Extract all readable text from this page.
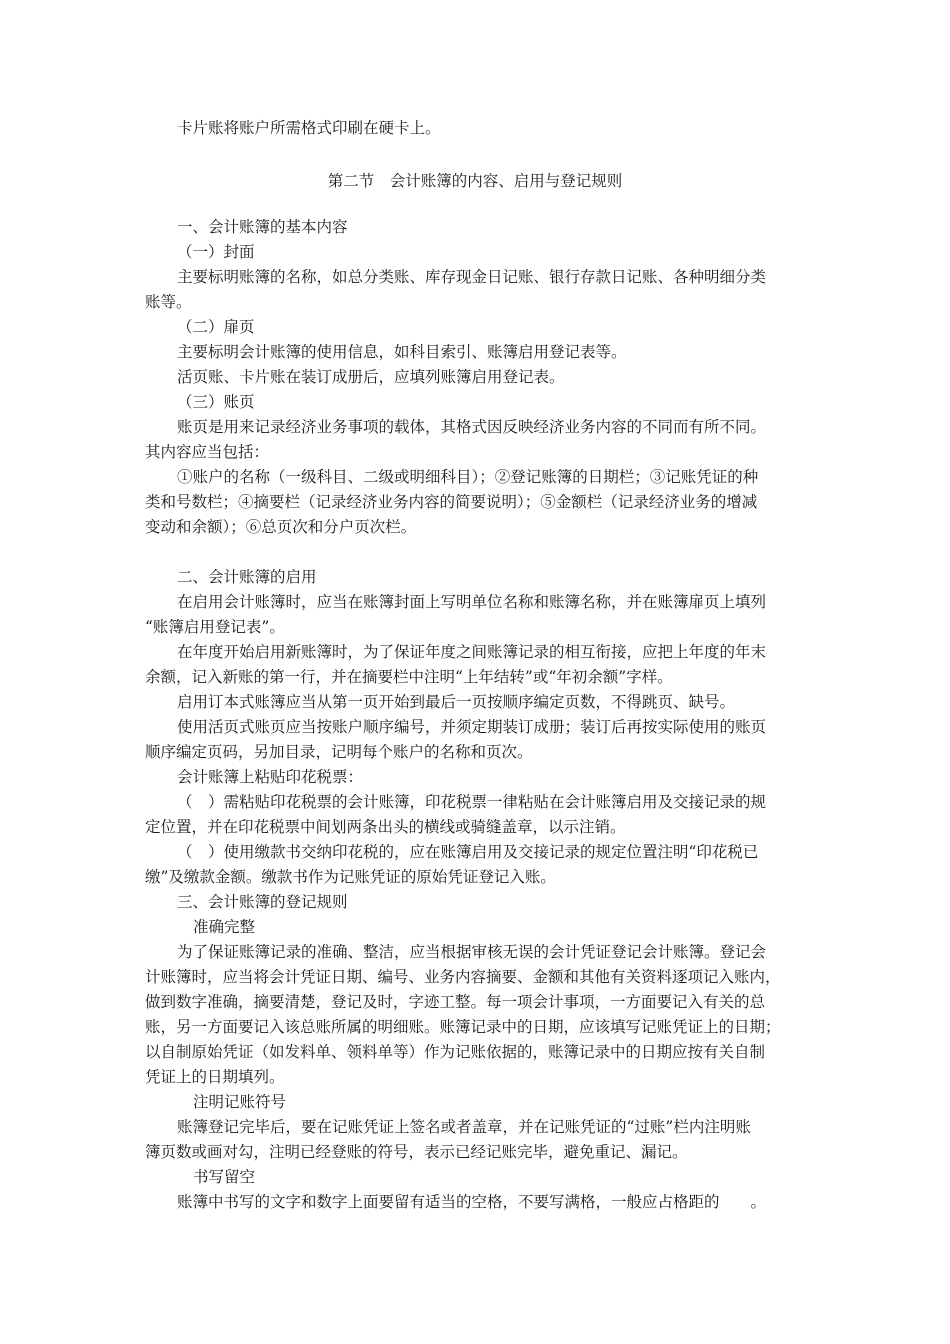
卡片账将账户所需格式印刷在硬卡上。
第二节　会计账簿的内容、启用与登记规则
一、会计账簿的基本内容
（一）封面
主要标明账簿的名称，如总分类账、库存现金日记账、银行存款日记账、各种明细分类
账等。
（二）扉页
主要标明会计账簿的使用信息，如科目索引、账簿启用登记表等。
活页账、卡片账在装订成册后，应填列账簿启用登记表。
（三）账页
账页是用来记录经济业务事项的载体，其格式因反映经济业务内容的不同而有所不同。
其内容应当包括：
①账户的名称（一级科目、二级或明细科目）；②登记账簿的日期栏；③记账凭证的种
类和号数栏；④摘要栏（记录经济业务内容的简要说明）；⑤金额栏（记录经济业务的增减
变动和余额）；⑥总页次和分户页次栏。
二、会计账簿的启用
在启用会计账簿时，应当在账簿封面上写明单位名称和账簿名称，并在账簿扉页上填列
“账簿启用登记表”。
在年度开始启用新账簿时，为了保证年度之间账簿记录的相互衔接，应把上年度的年末
余额，记入新账的第一行，并在摘要栏中注明“上年结转”或“年初余额”字样。
启用订本式账簿应当从第一页开始到最后一页按顺序编定页数，不得跳页、缺号。
使用活页式账页应当按账户顺序编号，并须定期装订成册；装订后再按实际使用的账页
顺序编定页码，另加目录，记明每个账户的名称和页次。
会计账簿上粘贴印花税票：
（　）需粘贴印花税票的会计账簿，印花税票一律粘贴在会计账簿启用及交接记录的规
定位置，并在印花税票中间划两条出头的横线或骑缝盖章，以示注销。
（　）使用缴款书交纳印花税的，应在账簿启用及交接记录的规定位置注明“印花税已
缴”及缴款金额。缴款书作为记账凭证的原始凭证登记入账。
三、会计账簿的登记规则
准确完整
为了保证账簿记录的准确、整洁，应当根据审核无误的会计凭证登记会计账簿。登记会
计账簿时，应当将会计凭证日期、编号、业务内容摘要、金额和其他有关资料逐项记入账内，
做到数字准确，摘要清楚，登记及时，字迹工整。每一项会计事项，一方面要记入有关的总
账，另一方面要记入该总账所属的明细账。账簿记录中的日期，应该填写记账凭证上的日期；
以自制原始凭证（如发料单、领料单等）作为记账依据的，账簿记录中的日期应按有关自制
凭证上的日期填列。
注明记账符号
账簿登记完毕后，要在记账凭证上签名或者盖章，并在记账凭证的“过账”栏内注明账
簿页数或画对勾，注明已经登账的符号，表示已经记账完毕，避免重记、漏记。
书写留空
账簿中书写的文字和数字上面要留有适当的空格，不要写满格，一般应占格距的　　。
